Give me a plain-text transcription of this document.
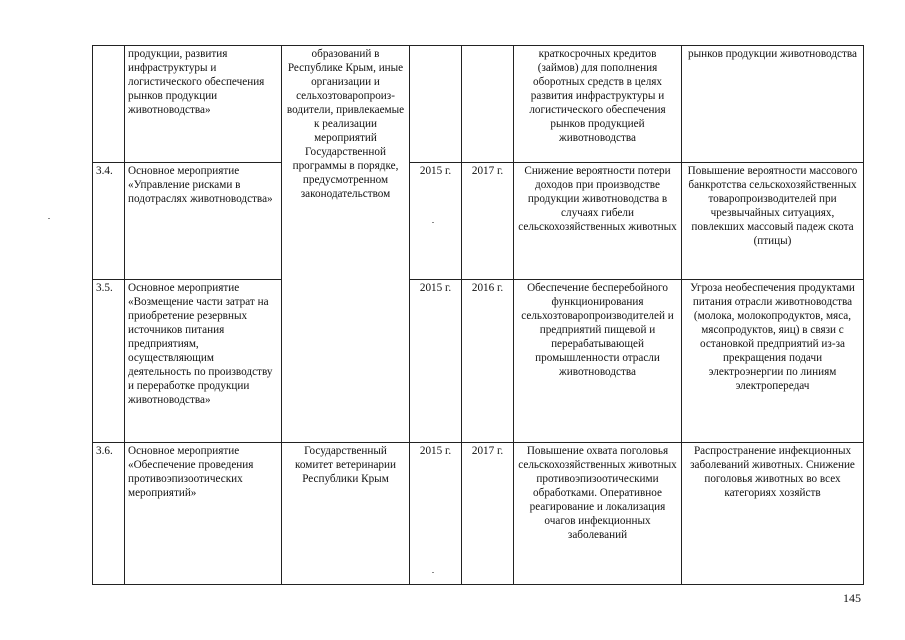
	продукции, развития инфраструктуры и логистического обеспечения рынков продукции животноводства»	образований в Республике Крым, иные организации и сельхозтоваропроиз-водители, привлекаемые к реализации мероприятий Государственной программы в порядке, предусмотренном законодательством			краткосрочных кредитов (займов) для пополнения оборотных средств в целях развития инфраструктуры и логистического обеспечения рынков продукцией животноводства	рынков продукции животноводства
3.4.	Основное мероприятие «Управление рисками в подотраслях животноводства»		2015 г.	2017 г.	Снижение вероятности потери доходов при производстве продукции животноводства в случаях гибели сельскохозяйственных животных	Повышение вероятности массового банкротства сельскохозяйственных товаропроизводителей при чрезвычайных ситуациях, повлекших массовый падеж скота (птицы)
3.5.	Основное мероприятие «Возмещение части затрат на приобретение резервных источников питания предприятиям, осуществляющим деятельность по производству и переработке продукции животноводства»		2015 г.	2016 г.	Обеспечение бесперебойного функционирования сельхозтоваропроизводителей и предприятий пищевой и перерабатывающей промышленности отрасли животноводства	Угроза необеспечения продуктами питания отрасли животноводства (молока, молокопродуктов, мяса, мясопродуктов, яиц) в связи с остановкой предприятий из-за прекращения подачи электроэнергии по линиям электропередач
3.6.	Основное мероприятие «Обеспечение проведения противоэпизоотических мероприятий»	Государственный комитет ветеринарии Республики Крым	2015 г.	2017 г.	Повышение охвата поголовья сельскохозяйственных животных противоэпизоотическими обработками. Оперативное реагирование и локализация очагов инфекционных заболеваний	Распространение инфекционных заболеваний животных. Снижение поголовья животных во всех категориях хозяйств
145
